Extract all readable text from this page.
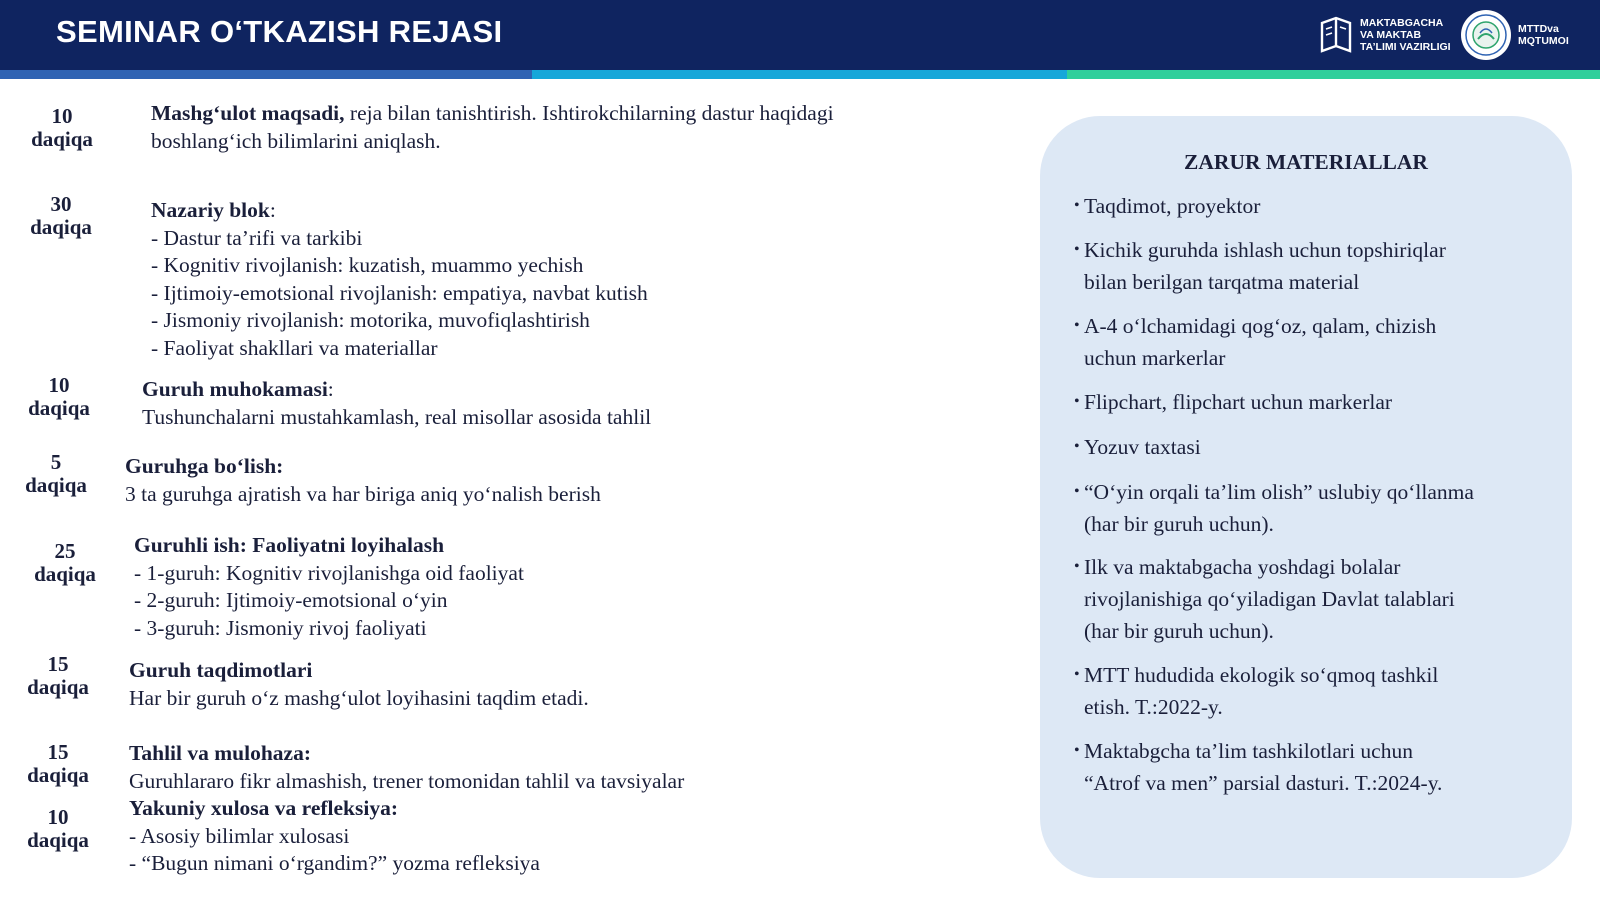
SEMINAR O‘TKAZISH REJASI	MAKTABGACHA
VA MAKTAB
TA’LIMI VAZIRLIGI
MTTDva
MQTUMOI
10
daqiqa
Mashg‘ulot maqsadi, reja bilan tanishtirish. Ishtirokchilarning dastur haqidagi
boshlang‘ich bilimlarini aniqlash.
30
daqiqa
Nazariy blok:
- Dastur ta’rifi va tarkibi
- Kognitiv rivojlanish: kuzatish, muammo yechish
- Ijtimoiy-emotsional rivojlanish: empatiya, navbat kutish
- Jismoniy rivojlanish: motorika, muvofiqlashtirish
- Faoliyat shakllari va materiallar
10
daqiqa
Guruh muhokamasi:
Tushunchalarni mustahkamlash, real misollar asosida tahlil
5
daqiqa
Guruhga bo‘lish:
3 ta guruhga ajratish va har biriga aniq yo‘nalish berish
25
daqiqa
Guruhli ish: Faoliyatni loyihalash
- 1-guruh: Kognitiv rivojlanishga oid faoliyat
- 2-guruh: Ijtimoiy-emotsional o‘yin
- 3-guruh: Jismoniy rivoj faoliyati
15
daqiqa
Guruh taqdimotlari
Har bir guruh o‘z mashg‘ulot loyihasini taqdim etadi.
15
daqiqa
Tahlil va mulohaza:
Guruhlararo fikr almashish, trener tomonidan tahlil va tavsiyalar
10
daqiqa
Yakuniy xulosa va refleksiya:
- Asosiy bilimlar xulosasi
- “Bugun nimani o‘rgandim?” yozma refleksiya
ZARUR MATERIALLAR
• Taqdimot, proyektor
• Kichik guruhda ishlash uchun topshiriqlar
bilan berilgan tarqatma material
• A-4 o‘lchamidagi qog‘oz, qalam, chizish
uchun markerlar
• Flipchart, flipchart uchun markerlar
• Yozuv taxtasi
• “O‘yin orqali ta’lim olish” uslubiy qo‘llanma
(har bir guruh uchun).
• Ilk va maktabgacha yoshdagi bolalar
rivojlanishiga qo‘yiladigan Davlat talablari
(har bir guruh uchun).
• MTT hududida ekologik so‘qmoq tashkil
etish. T.:2022-y.
• Maktabgcha ta’lim tashkilotlari uchun
“Atrof va men” parsial dasturi. T.:2024-y.
